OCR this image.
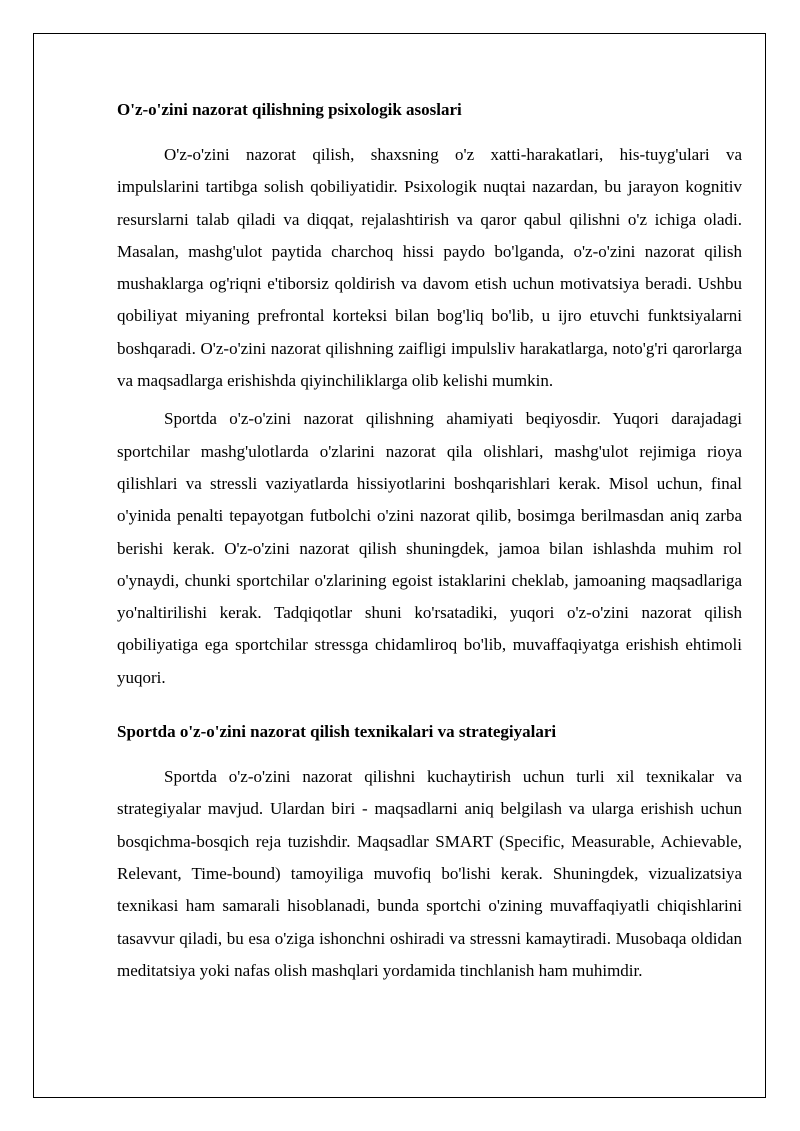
O'z-o'zini nazorat qilishning psixologik asoslari

O'z-o'zini nazorat qilish, shaxsning o'z xatti-harakatlari, his-tuyg'ulari va impulslarini tartibga solish qobiliyatidir. Psixologik nuqtai nazardan, bu jarayon kognitiv resurslarni talab qiladi va diqqat, rejalashtirish va qaror qabul qilishni o'z ichiga oladi. Masalan, mashg'ulot paytida charchoq hissi paydo bo'lganda, o'z-o'zini nazorat qilish mushaklarga og'riqni e'tiborsiz qoldirish va davom etish uchun motivatsiya beradi. Ushbu qobiliyat miyaning prefrontal korteksi bilan bog'liq bo'lib, u ijro etuvchi funktsiyalarni boshqaradi. O'z-o'zini nazorat qilishning zaifligi impulsliv harakatlarga, noto'g'ri qarorlarga va maqsadlarga erishishda qiyinchiliklarga olib kelishi mumkin.

Sportda o'z-o'zini nazorat qilishning ahamiyati beqiyosdir. Yuqori darajadagi sportchilar mashg'ulotlarda o'zlarini nazorat qila olishlari, mashg'ulot rejimiga rioya qilishlari va stressli vaziyatlarda hissiyotlarini boshqarishlari kerak. Misol uchun, final o'yinida penalti tepayotgan futbolchi o'zini nazorat qilib, bosimga berilmasdan aniq zarba berishi kerak. O'z-o'zini nazorat qilish shuningdek, jamoa bilan ishlashda muhim rol o'ynaydi, chunki sportchilar o'zlarining egoist istaklarini cheklab, jamoaning maqsadlariga yo'naltirilishi kerak. Tadqiqotlar shuni ko'rsatadiki, yuqori o'z-o'zini nazorat qilish qobiliyatiga ega sportchilar stressga chidamliroq bo'lib, muvaffaqiyatga erishish ehtimoli yuqori.

Sportda o'z-o'zini nazorat qilish texnikalari va strategiyalari

Sportda o'z-o'zini nazorat qilishni kuchaytirish uchun turli xil texnikalar va strategiyalar mavjud. Ulardan biri - maqsadlarni aniq belgilash va ularga erishish uchun bosqichma-bosqich reja tuzishdir. Maqsadlar SMART (Specific, Measurable, Achievable, Relevant, Time-bound) tamoyiliga muvofiq bo'lishi kerak. Shuningdek, vizualizatsiya texnikasi ham samarali hisoblanadi, bunda sportchi o'zining muvaffaqiyatli chiqishlarini tasavvur qiladi, bu esa o'ziga ishonchni oshiradi va stressni kamaytiradi. Musobaqa oldidan meditatsiya yoki nafas olish mashqlari yordamida tinchlanish ham muhimdir.
